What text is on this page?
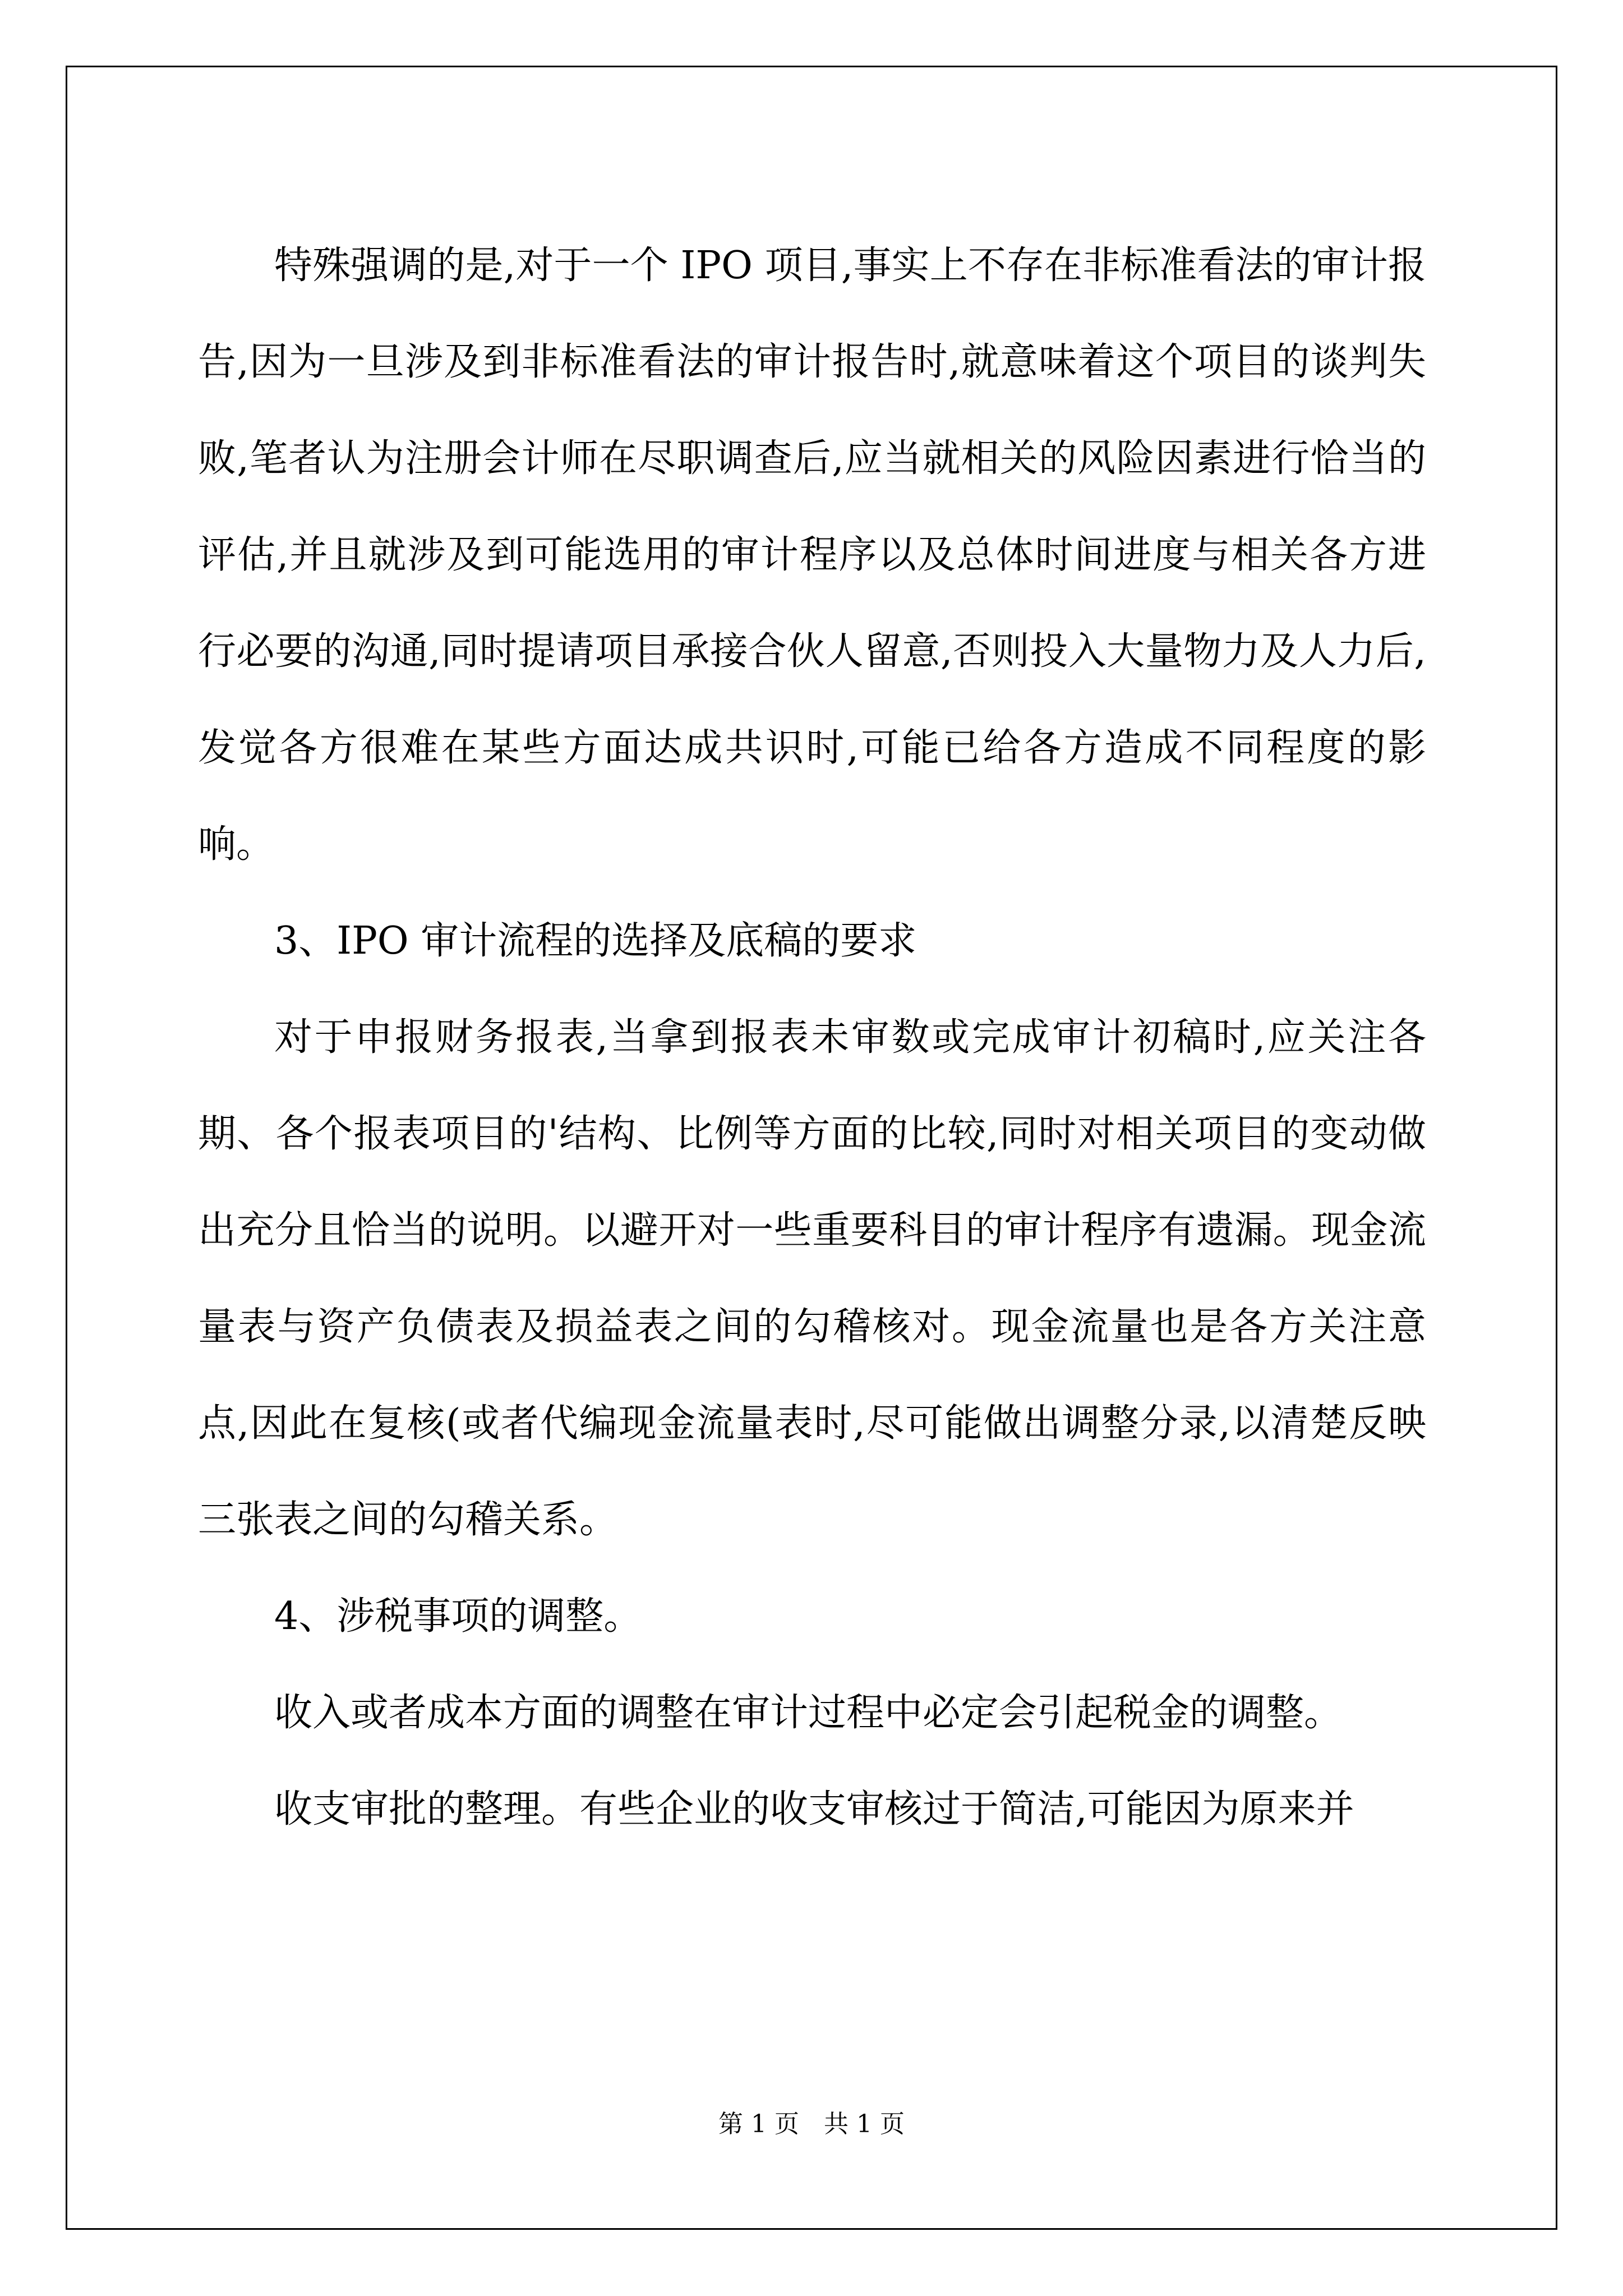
特殊强调的是,对于一个 IPO 项目,事实上不存在非标准看法的审计报告,因为一旦涉及到非标准看法的审计报告时,就意味着这个项目的谈判失败,笔者认为注册会计师在尽职调查后,应当就相关的风险因素进行恰当的评估,并且就涉及到可能选用的审计程序以及总体时间进度与相关各方进行必要的沟通,同时提请项目承接合伙人留意,否则投入大量物力及人力后,发觉各方很难在某些方面达成共识时,可能已给各方造成不同程度的影响。

3、IPO 审计流程的选择及底稿的要求

对于申报财务报表,当拿到报表未审数或完成审计初稿时,应关注各期、各个报表项目的'结构、比例等方面的比较,同时对相关项目的变动做出充分且恰当的说明。以避开对一些重要科目的审计程序有遗漏。现金流量表与资产负债表及损益表之间的勾稽核对。现金流量也是各方关注意点,因此在复核(或者代编现金流量表时,尽可能做出调整分录,以清楚反映三张表之间的勾稽关系。

4、涉税事项的调整。

收入或者成本方面的调整在审计过程中必定会引起税金的调整。

收支审批的整理。有些企业的收支审核过于简洁,可能因为原来并

第 1 页　共 1 页
